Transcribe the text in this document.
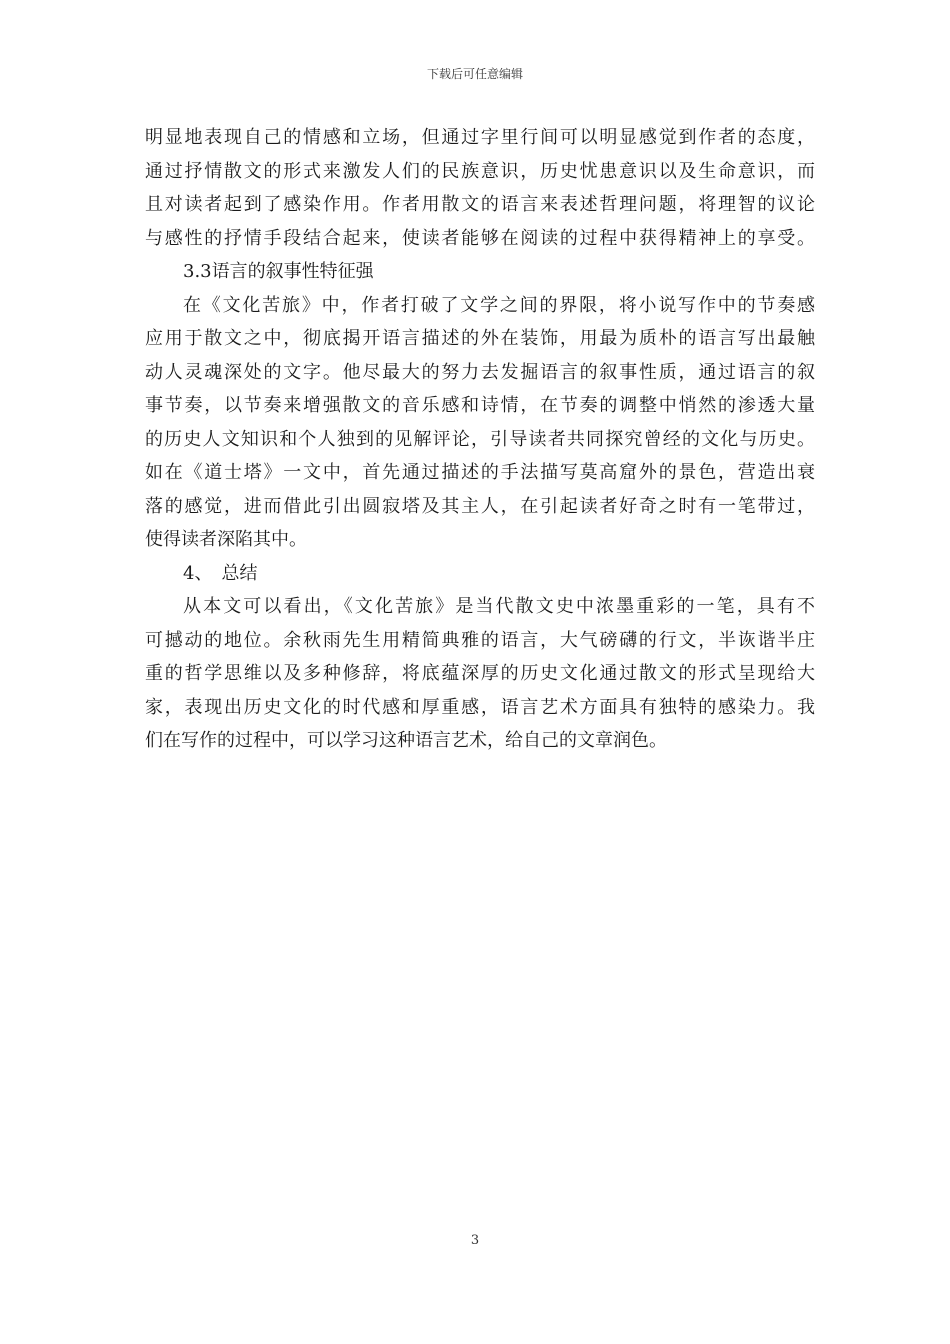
下载后可任意编辑
明显地表现自己的情感和立场，但通过字里行间可以明显感觉到作者的态度，
通过抒情散文的形式来激发人们的民族意识，历史忧患意识以及生命意识，而
且对读者起到了感染作用。作者用散文的语言来表述哲理问题，将理智的议论
与感性的抒情手段结合起来，使读者能够在阅读的过程中获得精神上的享受。
3.3语言的叙事性特征强
在《文化苦旅》中，作者打破了文学之间的界限，将小说写作中的节奏感
应用于散文之中，彻底揭开语言描述的外在装饰，用最为质朴的语言写出最触
动人灵魂深处的文字。他尽最大的努力去发掘语言的叙事性质，通过语言的叙
事节奏，以节奏来增强散文的音乐感和诗情，在节奏的调整中悄然的渗透大量
的历史人文知识和个人独到的见解评论，引导读者共同探究曾经的文化与历史。
如在《道士塔》一文中，首先通过描述的手法描写莫高窟外的景色，营造出衰
落的感觉，进而借此引出圆寂塔及其主人，在引起读者好奇之时有一笔带过，
使得读者深陷其中。
4、　总结
从本文可以看出，《文化苦旅》是当代散文史中浓墨重彩的一笔，具有不
可撼动的地位。余秋雨先生用精简典雅的语言，大气磅礴的行文，半诙谐半庄
重的哲学思维以及多种修辞，将底蕴深厚的历史文化通过散文的形式呈现给大
家，表现出历史文化的时代感和厚重感，语言艺术方面具有独特的感染力。我
们在写作的过程中，可以学习这种语言艺术，给自己的文章润色。
3
